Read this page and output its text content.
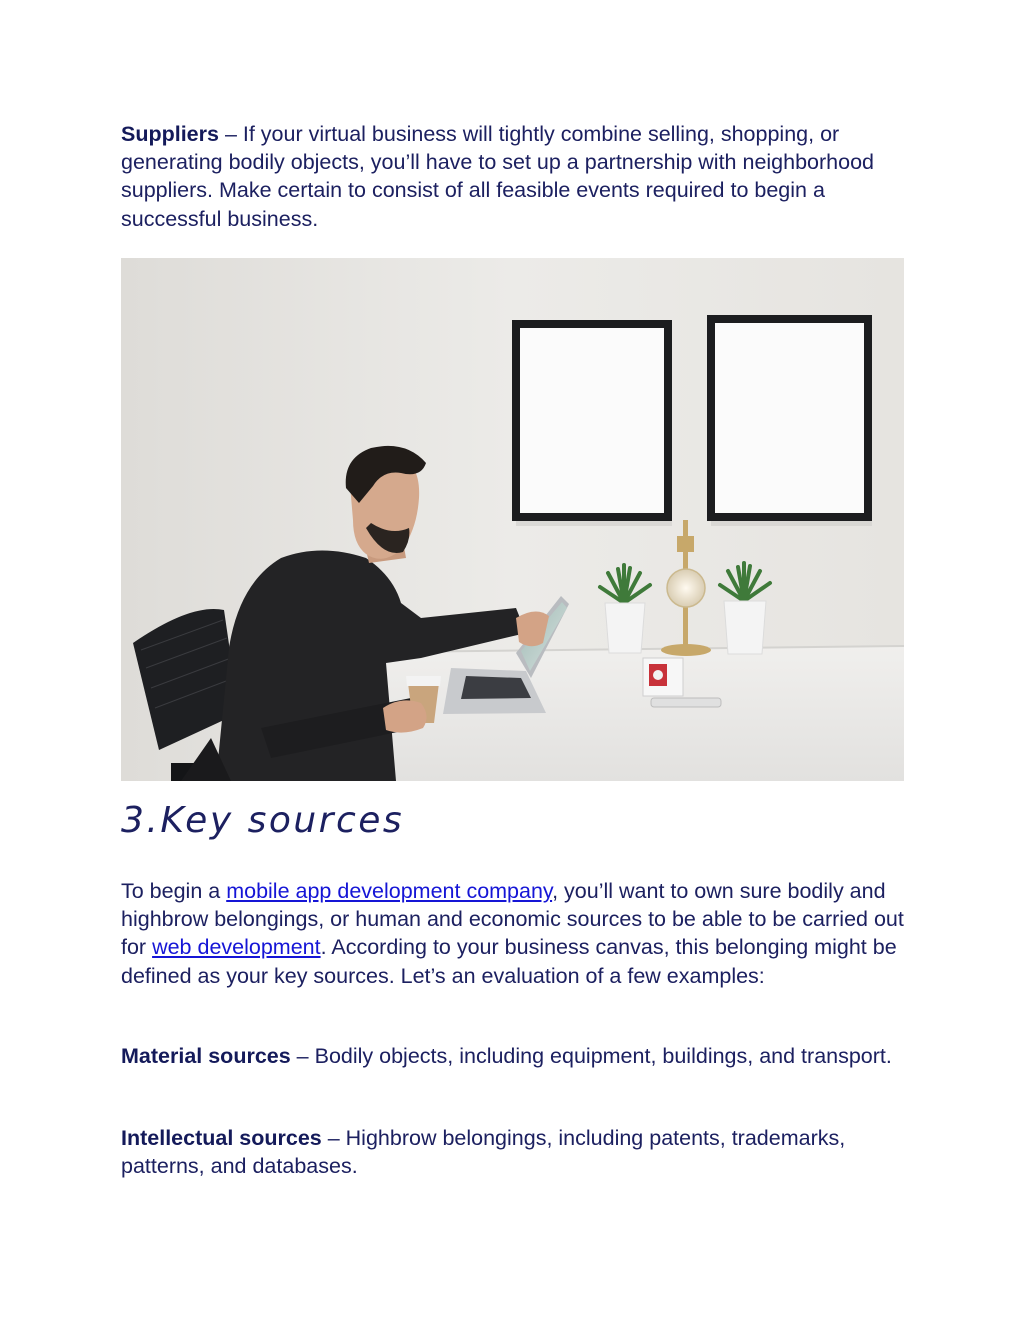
Suppliers – If your virtual business will tightly combine selling, shopping, or generating bodily objects, you’ll have to set up a partnership with neighborhood suppliers. Make certain to consist of all feasible events required to begin a successful business.

3.Key sources

To begin a mobile app development company, you’ll want to own sure bodily and highbrow belongings, or human and economic sources to be able to be carried out for web development. According to your business canvas, this belonging might be defined as your key sources. Let’s an evaluation of a few examples:

Material sources – Bodily objects, including equipment, buildings, and transport.

Intellectual sources – Highbrow belongings, including patents, trademarks, patterns, and databases.
